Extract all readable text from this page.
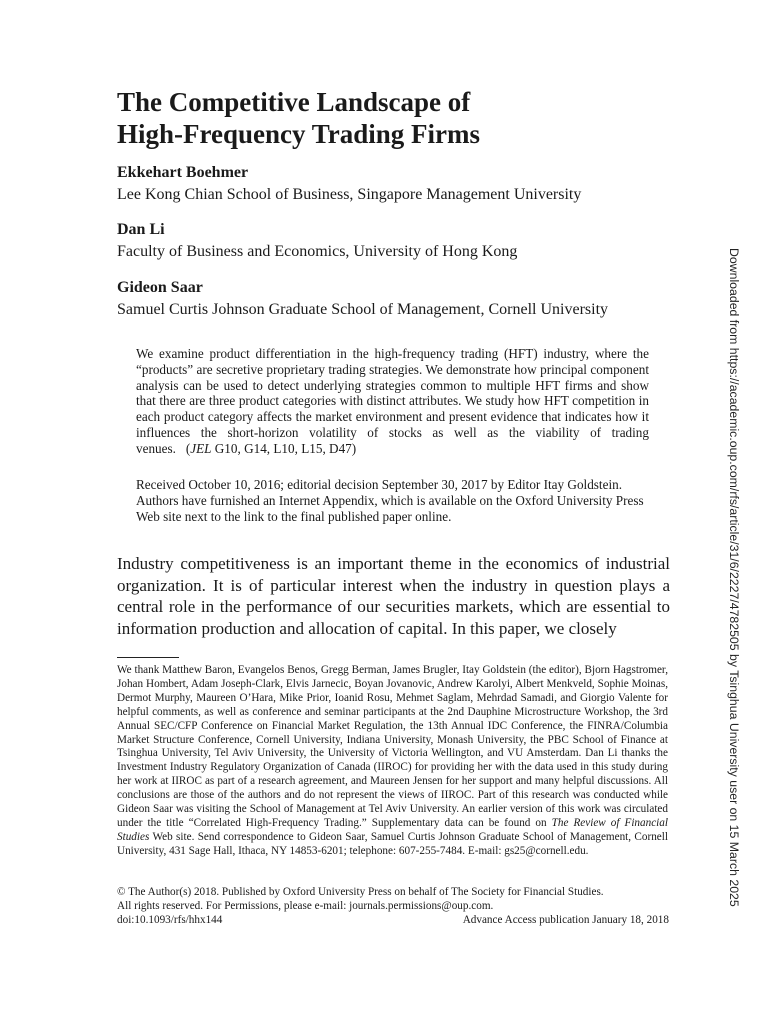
The Competitive Landscape of
High-Frequency Trading Firms
Ekkehart Boehmer
Lee Kong Chian School of Business, Singapore Management University
Dan Li
Faculty of Business and Economics, University of Hong Kong
Gideon Saar
Samuel Curtis Johnson Graduate School of Management, Cornell University

We examine product differentiation in the high-frequency trading (HFT) industry, where the “products” are secretive proprietary trading strategies. We demonstrate how principal component analysis can be used to detect underlying strategies common to multiple HFT firms and show that there are three product categories with distinct attributes. We study how HFT competition in each product category affects the market environment and present evidence that indicates how it influences the short-horizon volatility of stocks as well as the viability of trading venues. (JEL G10, G14, L10, L15, D47)

Received October 10, 2016; editorial decision September 30, 2017 by Editor Itay Goldstein. Authors have furnished an Internet Appendix, which is available on the Oxford University Press Web site next to the link to the final published paper online.

Industry competitiveness is an important theme in the economics of industrial organization. It is of particular interest when the industry in question plays a central role in the performance of our securities markets, which are essential to information production and allocation of capital. In this paper, we closely

We thank Matthew Baron, Evangelos Benos, Gregg Berman, James Brugler, Itay Goldstein (the editor), Bjorn Hagstromer, Johan Hombert, Adam Joseph-Clark, Elvis Jarnecic, Boyan Jovanovic, Andrew Karolyi, Albert Menkveld, Sophie Moinas, Dermot Murphy, Maureen O’Hara, Mike Prior, Ioanid Rosu, Mehmet Saglam, Mehrdad Samadi, and Giorgio Valente for helpful comments, as well as conference and seminar participants at the 2nd Dauphine Microstructure Workshop, the 3rd Annual SEC/CFP Conference on Financial Market Regulation, the 13th Annual IDC Conference, the FINRA/Columbia Market Structure Conference, Cornell University, Indiana University, Monash University, the PBC School of Finance at Tsinghua University, Tel Aviv University, the University of Victoria Wellington, and VU Amsterdam. Dan Li thanks the Investment Industry Regulatory Organization of Canada (IIROC) for providing her with the data used in this study during her work at IIROC as part of a research agreement, and Maureen Jensen for her support and many helpful discussions. All conclusions are those of the authors and do not represent the views of IIROC. Part of this research was conducted while Gideon Saar was visiting the School of Management at Tel Aviv University. An earlier version of this work was circulated under the title “Correlated High-Frequency Trading.” Supplementary data can be found on The Review of Financial Studies Web site. Send correspondence to Gideon Saar, Samuel Curtis Johnson Graduate School of Management, Cornell University, 431 Sage Hall, Ithaca, NY 14853-6201; telephone: 607-255-7484. E-mail: gs25@cornell.edu.

© The Author(s) 2018. Published by Oxford University Press on behalf of The Society for Financial Studies.
All rights reserved. For Permissions, please e-mail: journals.permissions@oup.com.
doi:10.1093/rfs/hhx144	Advance Access publication January 18, 2018
Downloaded from https://academic.oup.com/rfs/article/31/6/2227/4782505 by Tsinghua University user on 15 March 2025
